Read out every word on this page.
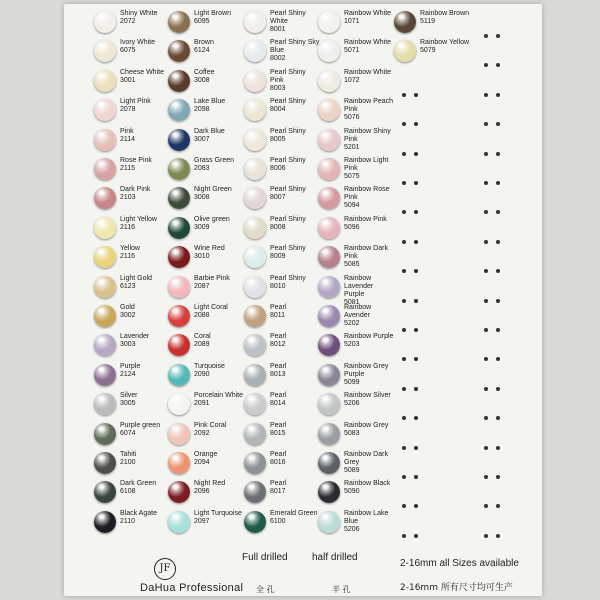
Shiny White
2072
Ivory White
6075
Cheese White
3001
Light Pink
2078
Pink
2114
Rose Pink
2115
Dark Pink
2103
Light Yellow
2116
Yellow
2116
Light Gold
6123
Gold
3002
Lavender
3003
Purple
2124
Silver
3005
Purple green
6074
Tahiti
2100
Dark Green
6108
Black Agate
2110
Light Brown
6095
Brown
6124
Coffee
3008
Lake Blue
2098
Dark Blue
3007
Grass Green
2083
Night Green
3008
Olive green
3009
Wine Red
3010
Barbie Pink
2087
Light Coral
2088
Coral
2089
Turquoise
2090
Porcelain White
2091
Pink Coral
2092
Orange
2094
Night Red
2096
Light Turquoise
2097
Pearl Shiny White
8001
Pearl Shiny Sky Blue
8002
Pearl Shiny Pink
8003
Pearl Shiny
8004
Pearl Shiny
8005
Pearl Shiny
8006
Pearl Shiny
8007
Pearl Shiny
8008
Pearl Shiny
8009
Pearl Shiny
8010
Pearl
8011
Pearl
8012
Pearl
8013
Pearl
8014
Pearl
8015
Pearl
8016
Pearl
8017
Emerald Green
6100
Rainbow White
1071
Rainbow White
5071
Rainbow White
1072
Rainbow Peach Pink
5076
Rainbow Shiny Pink
5201
Rainbow Light Pink
5075
Rainbow Rose Pink
5094
Rainbow Pink
5096
Rainbow Dark Pink
5085
Rainbow Lavender Purple
5081
Rainbow Avender
5202
Rainbow Purple
5203
Rainbow Grey Purple
5099
Rainbow Silver
5206
Rainbow Grey
5083
Rainbow Dark Grey
5089
Rainbow Black
5090
Rainbow Lake Blue
5206
Rainbow Brown
5119
Rainbow Yellow
5079
JF
DaHua Professional
Full drilled half drilled
全 孔	半 孔
2-16mm all Sizes available
2-16mm 所有尺寸均可生产
